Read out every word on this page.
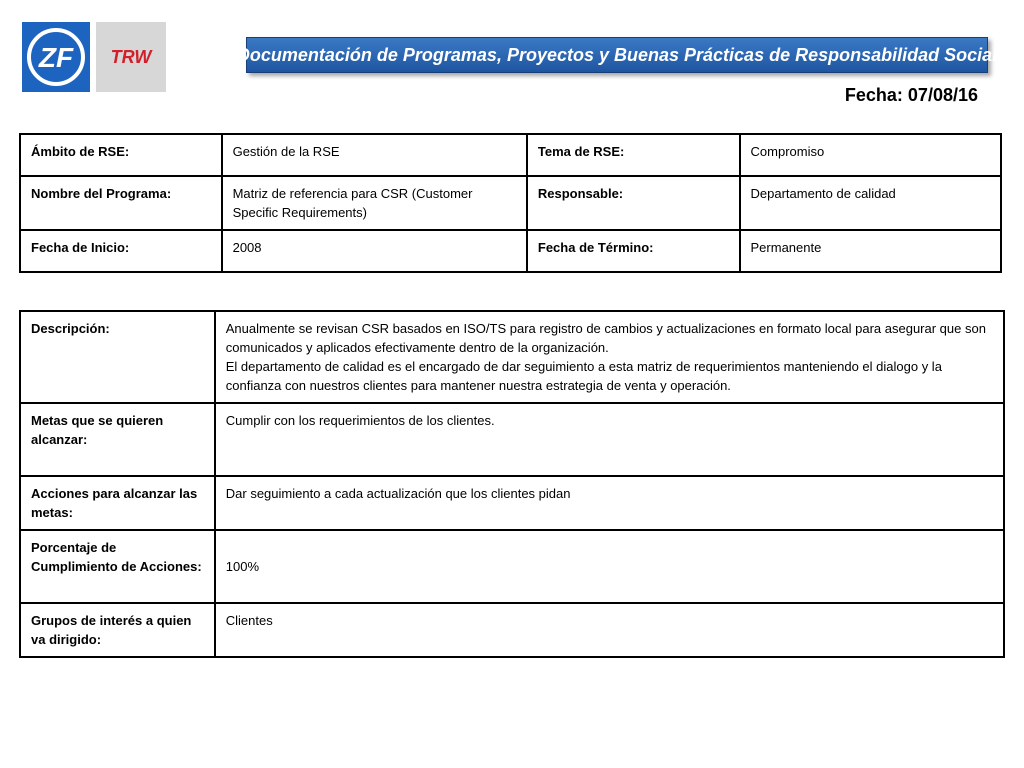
ZF TRW	Documentación de Programas, Proyectos y Buenas Prácticas de Responsabilidad Social
Fecha: 07/08/16
Ámbito de RSE:	Gestión de la RSE	Tema de RSE:	Compromiso
Nombre del Programa:	Matriz de referencia para CSR (Customer Specific Requirements)	Responsable:	Departamento de calidad
Fecha de Inicio:	2008	Fecha de Término:	Permanente
Descripción:	Anualmente se revisan CSR basados en ISO/TS para registro de cambios y actualizaciones en formato local para asegurar que son comunicados y aplicados efectivamente dentro de la organización.
El departamento de calidad es el encargado de dar seguimiento a esta matriz de requerimientos manteniendo el dialogo y la confianza con nuestros clientes para mantener nuestra estrategia de venta y operación.

Metas que se quieren alcanzar:	Cumplir con los requerimientos de los clientes.
Acciones para alcanzar las metas:	Dar seguimiento a cada actualización que los clientes pidan
Porcentaje de Cumplimiento de Acciones:	100%
Grupos de interés a quien va dirigido:	Clientes
